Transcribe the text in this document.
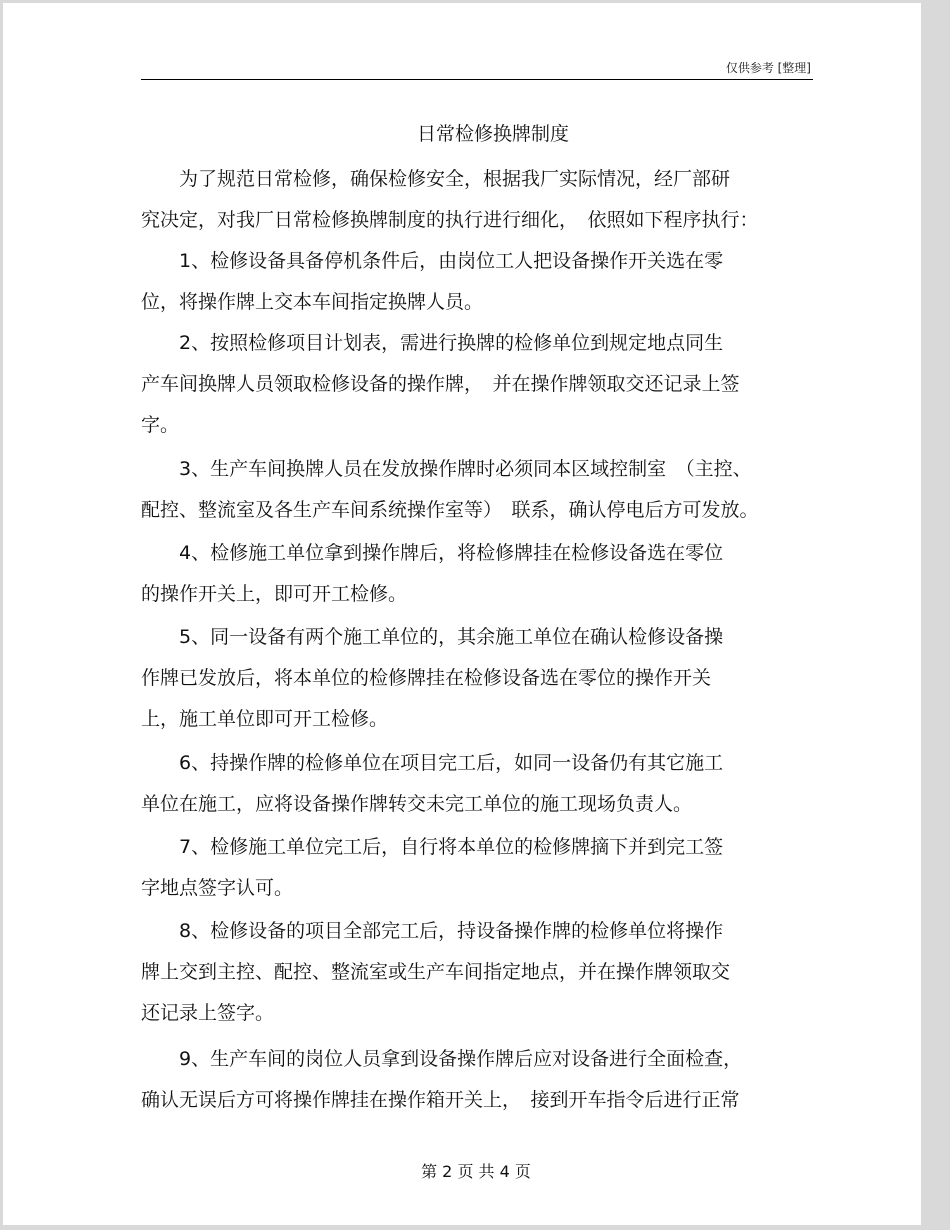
仅供参考 [整理]
日常检修换牌制度
　　为了规范日常检修，确保检修安全，根据我厂实际情况，经厂部研
究决定，对我厂日常检修换牌制度的执行进行细化，　依照如下程序执行：
　　1、检修设备具备停机条件后，由岗位工人把设备操作开关选在零
位，将操作牌上交本车间指定换牌人员。
　　2、按照检修项目计划表，需进行换牌的检修单位到规定地点同生
产车间换牌人员领取检修设备的操作牌，　并在操作牌领取交还记录上签
字。
　　3、生产车间换牌人员在发放操作牌时必须同本区域控制室　（主控、
配控、整流室及各生产车间系统操作室等）　联系，确认停电后方可发放。
　　4、检修施工单位拿到操作牌后，将检修牌挂在检修设备选在零位
的操作开关上，即可开工检修。
　　5、同一设备有两个施工单位的，其余施工单位在确认检修设备操
作牌已发放后，将本单位的检修牌挂在检修设备选在零位的操作开关
上，施工单位即可开工检修。
　　6、持操作牌的检修单位在项目完工后，如同一设备仍有其它施工
单位在施工，应将设备操作牌转交未完工单位的施工现场负责人。
　　7、检修施工单位完工后，自行将本单位的检修牌摘下并到完工签
字地点签字认可。
　　8、检修设备的项目全部完工后，持设备操作牌的检修单位将操作
牌上交到主控、配控、整流室或生产车间指定地点，并在操作牌领取交
还记录上签字。
　　9、生产车间的岗位人员拿到设备操作牌后应对设备进行全面检查，
确认无误后方可将操作牌挂在操作箱开关上，　接到开车指令后进行正常
第 2 页 共 4 页
